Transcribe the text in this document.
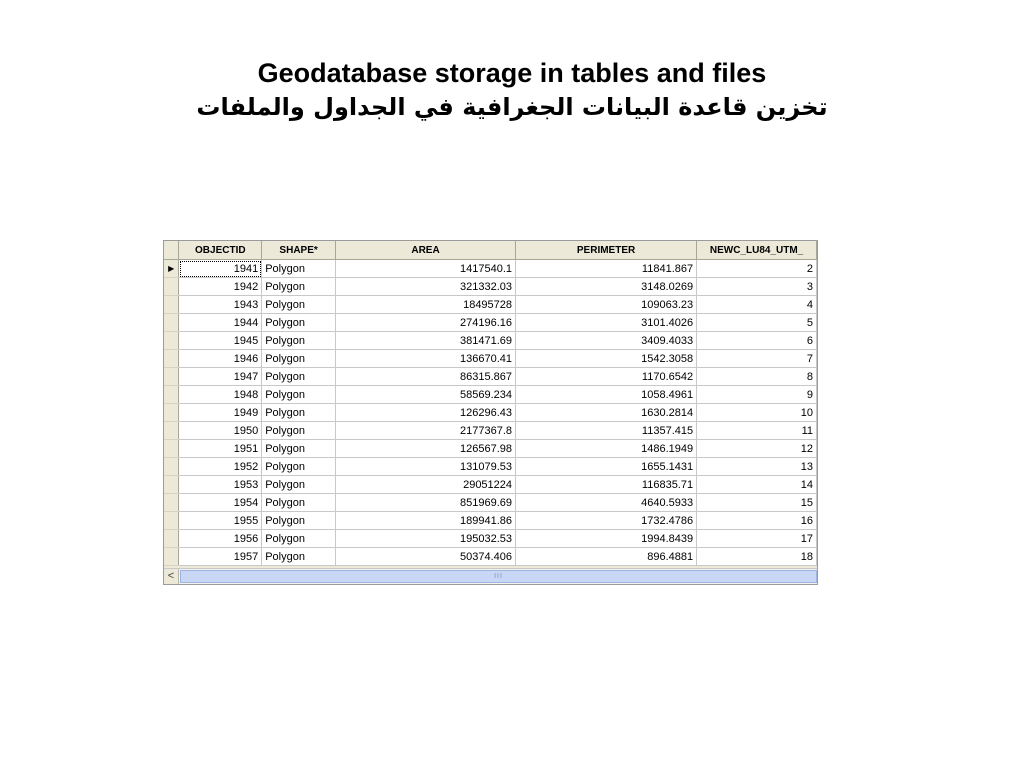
Geodatabase storage in tables and files
تخزين قاعدة البيانات الجغرافية في الجداول والملفات
	OBJECTID	SHAPE*	AREA	PERIMETER	NEWC_LU84_UTM_
▶	1941	Polygon	1417540.1	11841.867	2
	1942	Polygon	321332.03	3148.0269	3
	1943	Polygon	18495728	109063.23	4
	1944	Polygon	274196.16	3101.4026	5
	1945	Polygon	381471.69	3409.4033	6
	1946	Polygon	136670.41	1542.3058	7
	1947	Polygon	86315.867	1170.6542	8
	1948	Polygon	58569.234	1058.4961	9
	1949	Polygon	126296.43	1630.2814	10
	1950	Polygon	2177367.8	11357.415	11
	1951	Polygon	126567.98	1486.1949	12
	1952	Polygon	131079.53	1655.1431	13
	1953	Polygon	29051224	116835.71	14
	1954	Polygon	851969.69	4640.5933	15
	1955	Polygon	189941.86	1732.4786	16
	1956	Polygon	195032.53	1994.8439	17
	1957	Polygon	50374.406	896.4881	18
<	III
